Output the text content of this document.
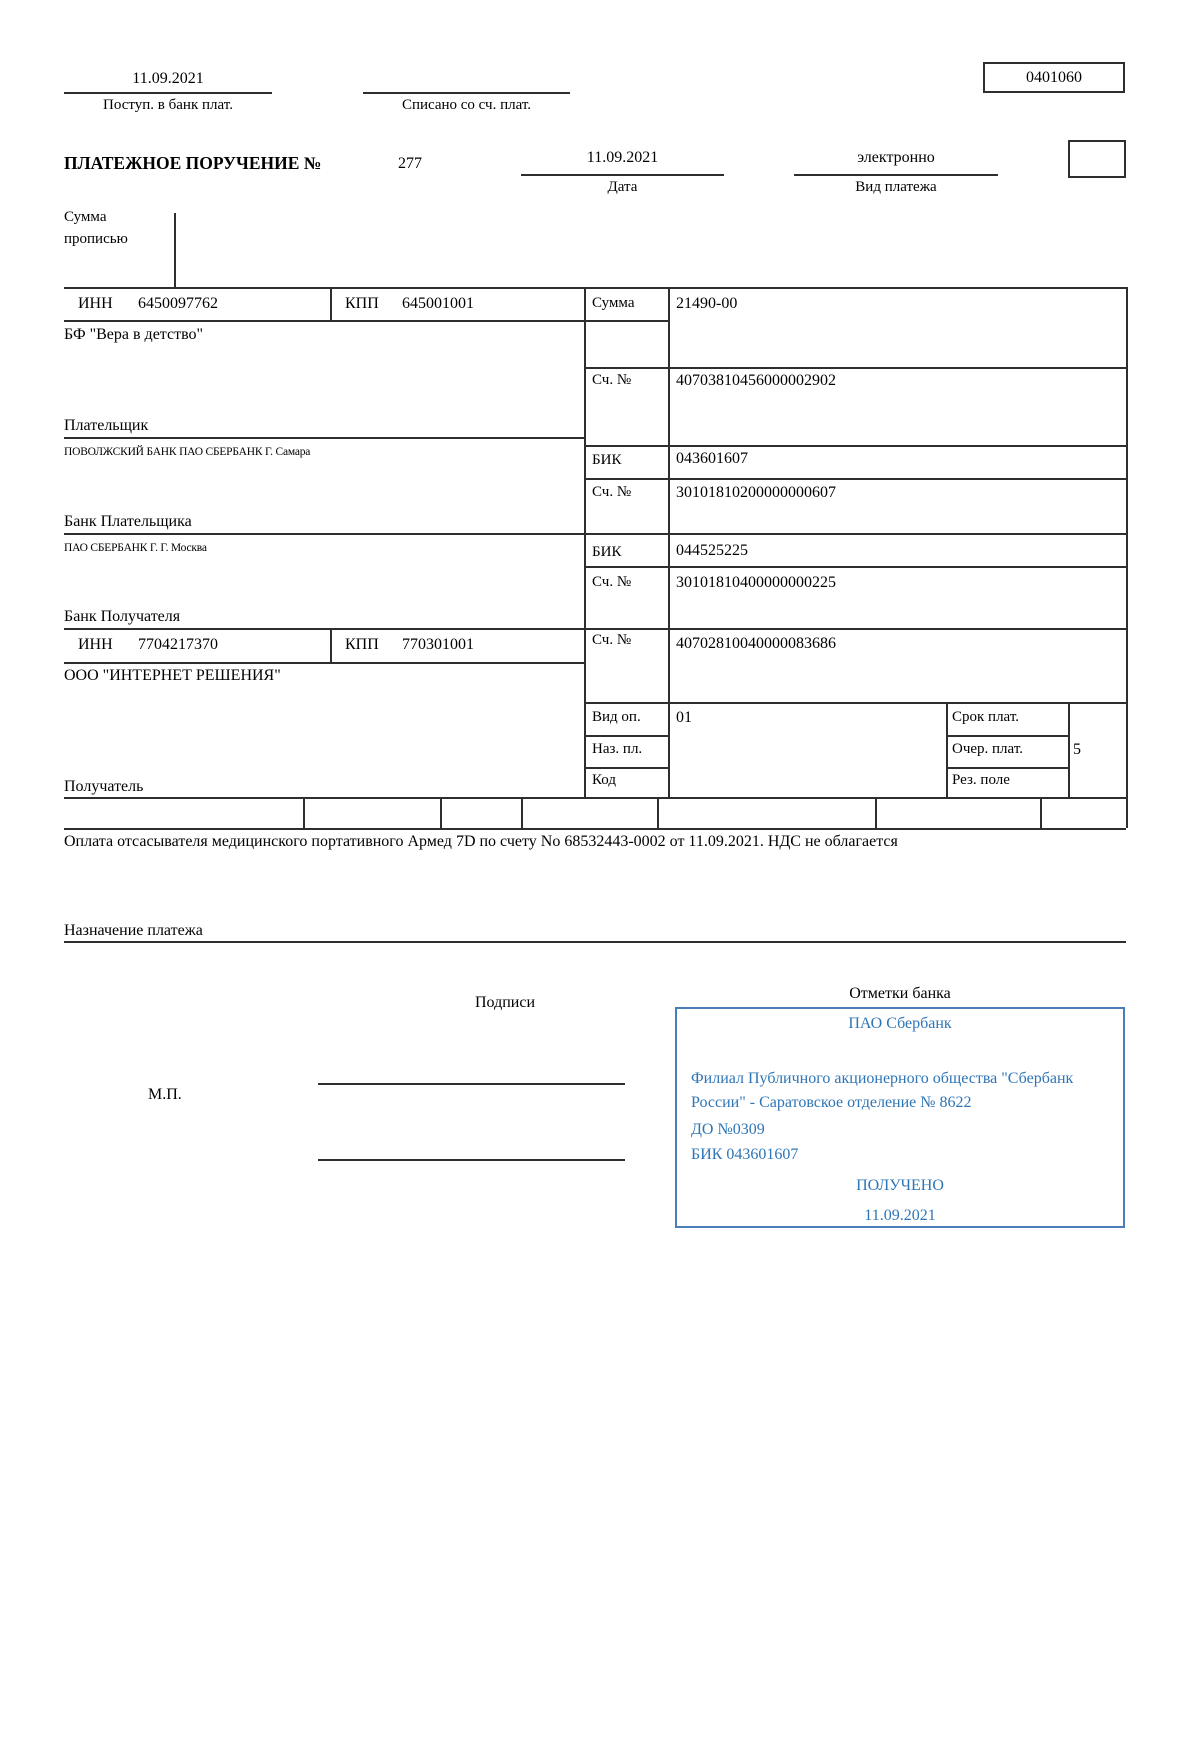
11.09.2021
Поступ. в банк плат.	Списано со сч. плат.
0401060
ПЛАТЕЖНОЕ ПОРУЧЕНИЕ №	277	11.09.2021
Дата
электронно
Вид платежа
Сумма
прописью
ИНН 6450097762	КПП 645001001	Сумма	21490-00
БФ "Вера в детство"
Сч. №	40703810456000002902
Плательщик
ПОВОЛЖСКИЙ БАНК ПАО СБЕРБАНК Г. Самара	БИК	043601607
Сч. №	30101810200000000607
Банк Плательщика
ПАО СБЕРБАНК Г. Г. Москва	БИК	044525225
Сч. №	30101810400000000225
Банк Получателя
ИНН 7704217370	КПП 770301001	Сч. №	40702810040000083686
ООО "ИНТЕРНЕТ РЕШЕНИЯ"
Получатель
Вид оп. 01	Срок плат.
Наз. пл.	Очер. плат.	5
Код	Рез. поле
Оплата отсасывателя медицинского портативного Армед 7D по счету No 68532443-0002 от 11.09.2021. НДС не облагается
Назначение платежа
Подписи
Отметки банка
М.П.
ПАО Сбербанк
Филиал Публичного акционерного общества "Сбербанк России" - Саратовское отделение № 8622
ДО №0309
БИК 043601607
ПОЛУЧЕНО
11.09.2021
